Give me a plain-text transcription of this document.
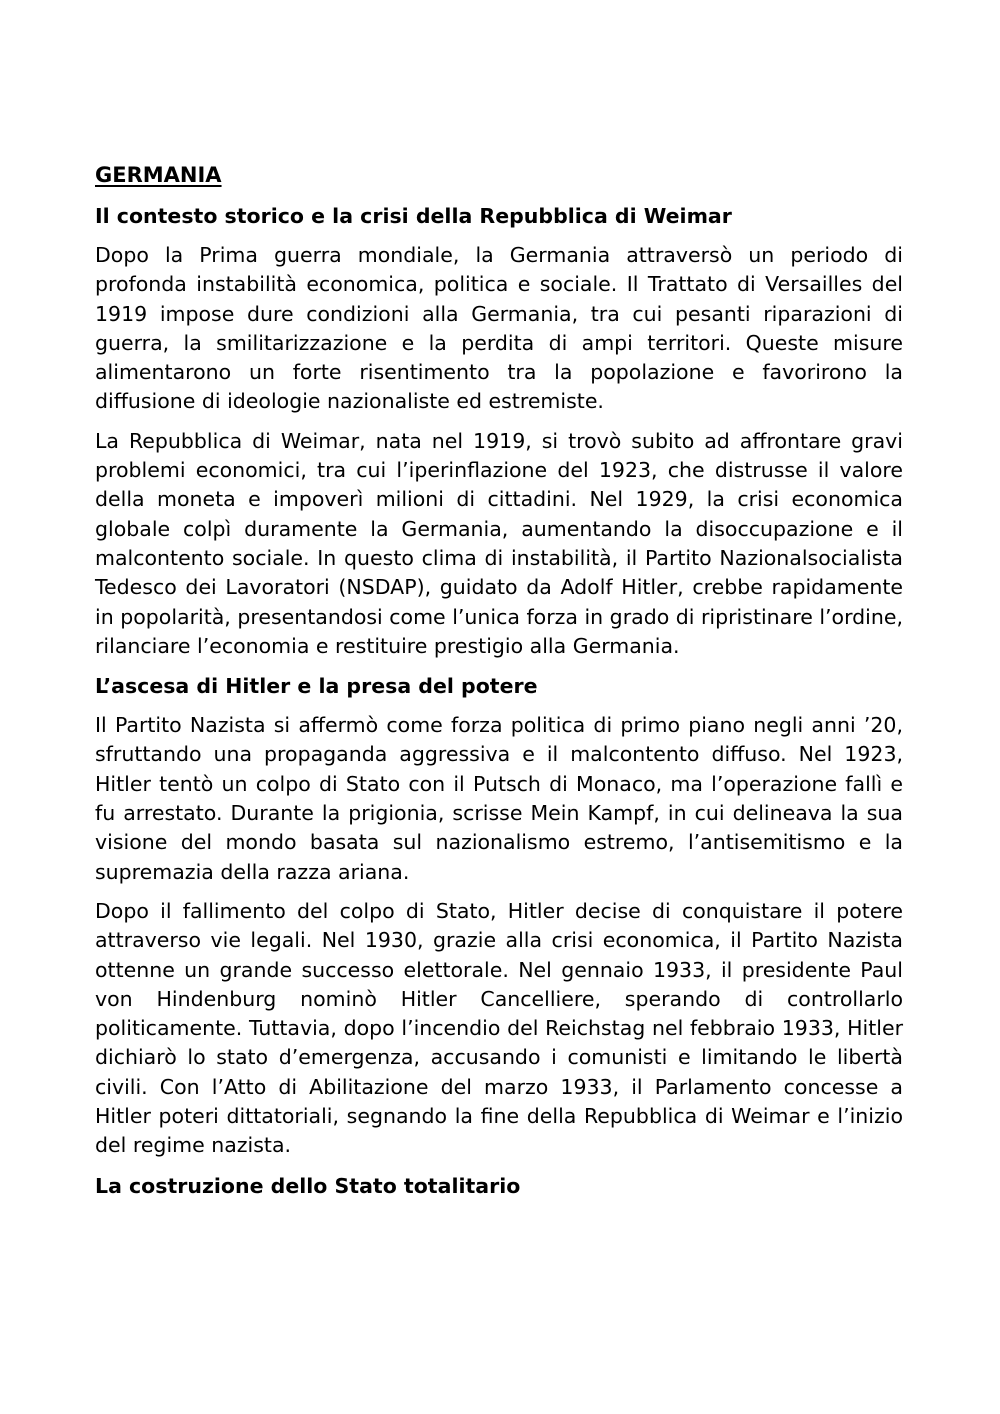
GERMANIA
Il contesto storico e la crisi della Repubblica di Weimar

Dopo la Prima guerra mondiale, la Germania attraversò un periodo di profonda instabilità economica, politica e sociale. Il Trattato di Versailles del 1919 impose dure condizioni alla Germania, tra cui pesanti riparazioni di guerra, la smilitarizzazione e la perdita di ampi territori. Queste misure alimentarono un forte risentimento tra la popolazione e favorirono la diffusione di ideologie nazionaliste ed estremiste.

La Repubblica di Weimar, nata nel 1919, si trovò subito ad affrontare gravi problemi economici, tra cui l’iperinflazione del 1923, che distrusse il valore della moneta e impoverì milioni di cittadini. Nel 1929, la crisi economica globale colpì duramente la Germania, aumentando la disoccupazione e il malcontento sociale. In questo clima di instabilità, il Partito Nazionalsocialista Tedesco dei Lavoratori (NSDAP), guidato da Adolf Hitler, crebbe rapidamente in popolarità, presentandosi come l’unica forza in grado di ripristinare l’ordine, rilanciare l’economia e restituire prestigio alla Germania.

L’ascesa di Hitler e la presa del potere

Il Partito Nazista si affermò come forza politica di primo piano negli anni ’20, sfruttando una propaganda aggressiva e il malcontento diffuso. Nel 1923, Hitler tentò un colpo di Stato con il Putsch di Monaco, ma l’operazione fallì e fu arrestato. Durante la prigionia, scrisse Mein Kampf, in cui delineava la sua visione del mondo basata sul nazionalismo estremo, l’antisemitismo e la supremazia della razza ariana.

Dopo il fallimento del colpo di Stato, Hitler decise di conquistare il potere attraverso vie legali. Nel 1930, grazie alla crisi economica, il Partito Nazista ottenne un grande successo elettorale. Nel gennaio 1933, il presidente Paul von Hindenburg nominò Hitler Cancelliere, sperando di controllarlo politicamente. Tuttavia, dopo l’incendio del Reichstag nel febbraio 1933, Hitler dichiarò lo stato d’emergenza, accusando i comunisti e limitando le libertà civili. Con l’Atto di Abilitazione del marzo 1933, il Parlamento concesse a Hitler poteri dittatoriali, segnando la fine della Repubblica di Weimar e l’inizio del regime nazista.

La costruzione dello Stato totalitario
